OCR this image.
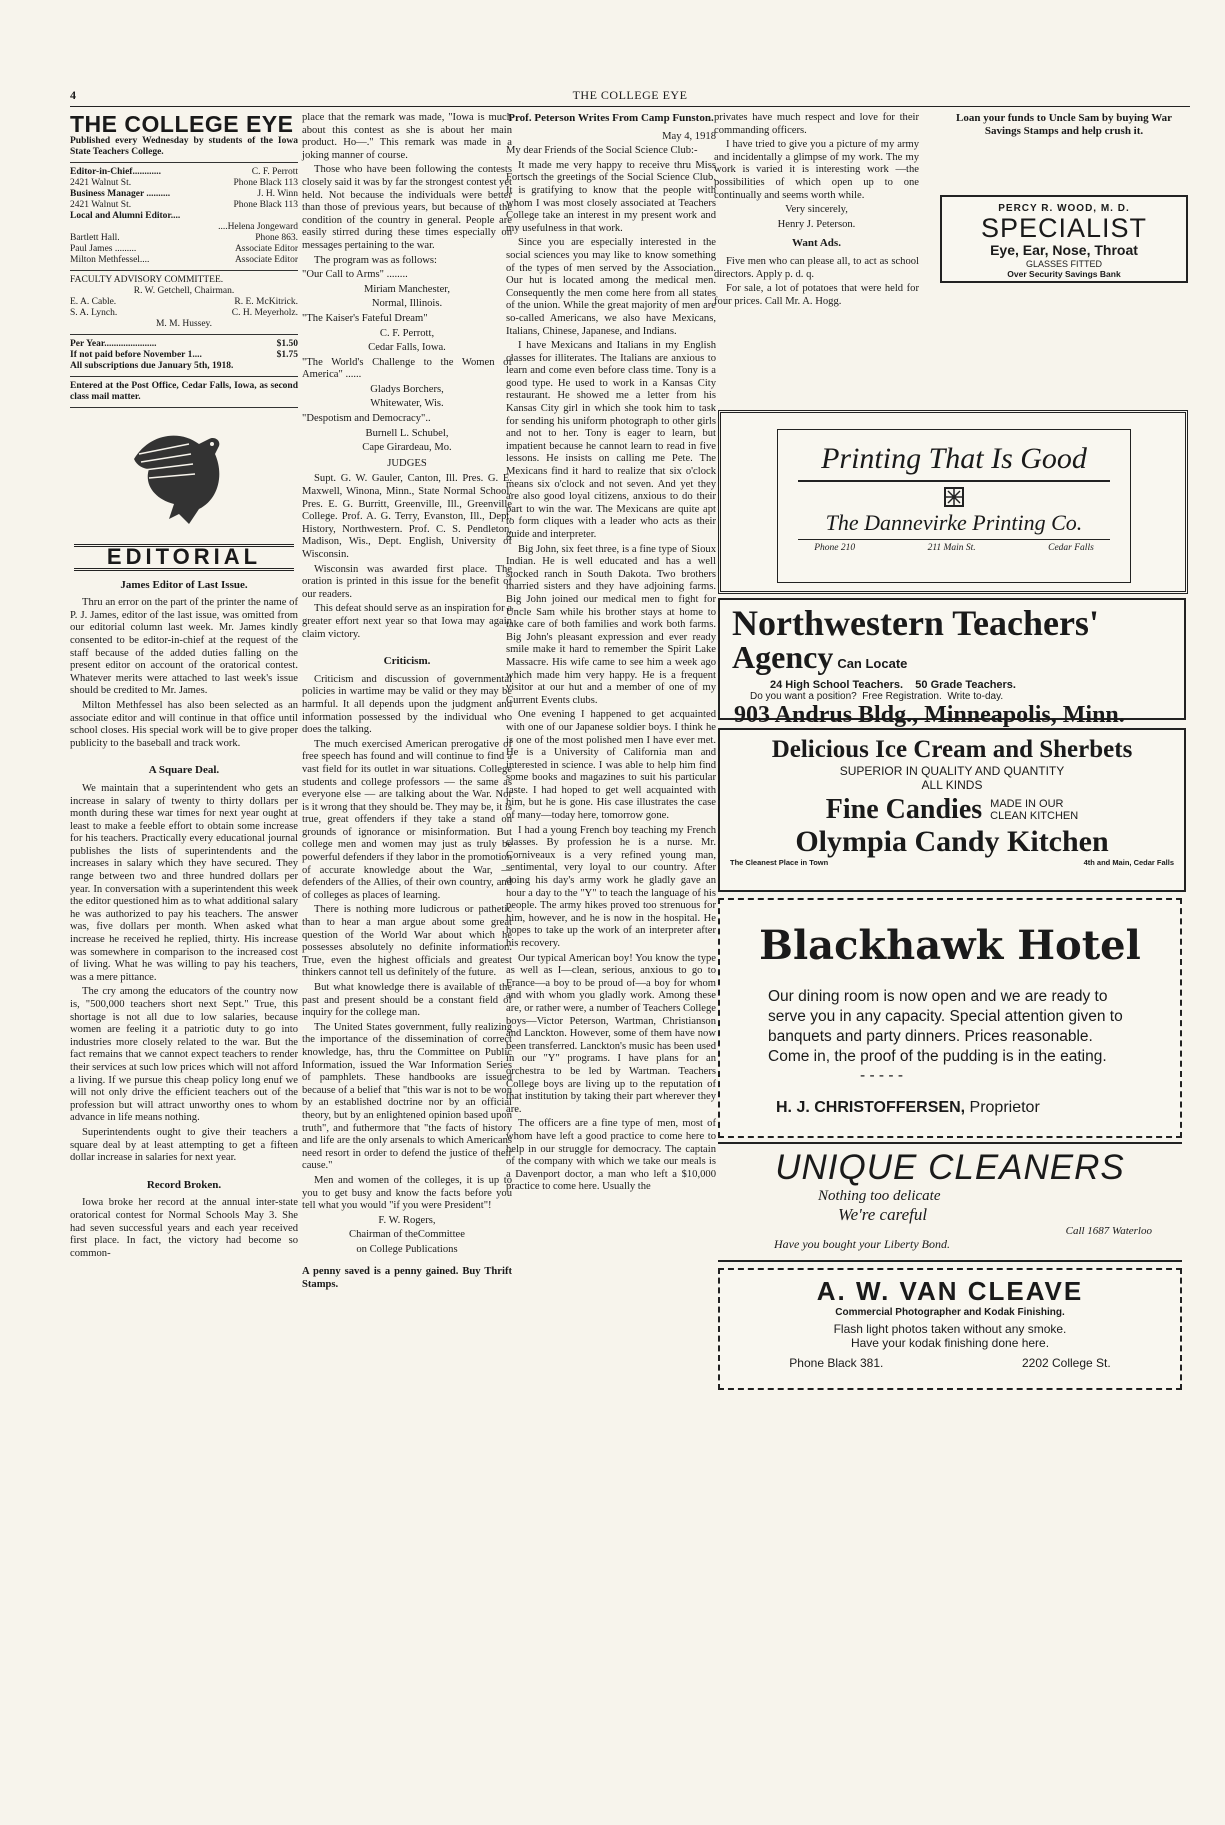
4	THE COLLEGE EYE
THE COLLEGE EYE
Published every Wednesday by students of the Iowa State Teachers College.
Editor-in-Chief............	C. F. Perrott
2421 Walnut St.	Phone Black 113
Business Manager ..........	J. H. Winn
2421 Walnut St.	Phone Black 113
Local and Alumni Editor....
....Helena Jongeward
Bartlett Hall.	Phone 863.
Paul James .........	Associate Editor
Milton Methfessel....	Associate Editor
FACULTY ADVISORY COMMITTEE.
R. W. Getchell, Chairman.
E. A. Cable.	R. E. McKitrick.
S. A. Lynch.	C. H. Meyerholz.
M. M. Hussey.
Per Year......................	$1.50
If not paid before November 1....	$1.75
All subscriptions due January 5th, 1918.
Entered at the Post Office, Cedar Falls, Iowa, as second class mail matter.
EDITORIAL
James Editor of Last Issue.

Thru an error on the part of the printer the name of P. J. James, editor of the last issue, was omitted from our editorial column last week. Mr. James kindly consented to be editor-in-chief at the request of the staff because of the added duties falling on the present editor on account of the oratorical contest. Whatever merits were attached to last week's issue should be credited to Mr. James.

Milton Methfessel has also been selected as an associate editor and will continue in that office until school closes. His special work will be to give proper publicity to the baseball and track work.

A Square Deal.

We maintain that a superintendent who gets an increase in salary of twenty to thirty dollars per month during these war times for next year ought at least to make a feeble effort to obtain some increase for his teachers. Practically every educational journal publishes the lists of superintendents and the increases in salary which they have secured. They range between two and three hundred dollars per year. In conversation with a superintendent this week the editor questioned him as to what additional salary he was authorized to pay his teachers. The answer was, five dollars per month. When asked what increase he received he replied, thirty. His increase was somewhere in comparison to the increased cost of living. What he was willing to pay his teachers, was a mere pittance.

The cry among the educators of the country now is, "500,000 teachers short next Sept." True, this shortage is not all due to low salaries, because women are feeling it a patriotic duty to go into industries more closely related to the war. But the fact remains that we cannot expect teachers to render their services at such low prices which will not afford a living. If we pursue this cheap policy long enuf we will not only drive the efficient teachers out of the profession but will attract unworthy ones to whom advance in life means nothing.

Superintendents ought to give their teachers a square deal by at least attempting to get a fifteen dollar increase in salaries for next year.

Record Broken.

Iowa broke her record at the annual inter-state oratorical contest for Normal Schools May 3. She had seven successful years and each year received first place. In fact, the victory had become so common-

place that the remark was made, "Iowa is much about this contest as she is about her main product. Ho—." This remark was made in a joking manner of course.

Those who have been following the contests closely said it was by far the strongest contest yet held. Not because the individuals were better than those of previous years, but because of the condition of the country in general. People are easily stirred during these times especially on messages pertaining to the war.

The program was as follows:

"Our Call to Arms" ........

Miriam Manchester,

Normal, Illinois.

"The Kaiser's Fateful Dream"

C. F. Perrott,

Cedar Falls, Iowa.

"The World's Challenge to the Women of America" ......

Gladys Borchers,

Whitewater, Wis.

"Despotism and Democracy"..

Burnell L. Schubel,

Cape Girardeau, Mo.

JUDGES

Supt. G. W. Gauler, Canton, Ill. Pres. G. E. Maxwell, Winona, Minn., State Normal School. Pres. E. G. Burritt, Greenville, Ill., Greenville College. Prof. A. G. Terry, Evanston, Ill., Dept. History, Northwestern. Prof. C. S. Pendleton, Madison, Wis., Dept. English, University of Wisconsin.

Wisconsin was awarded first place. The oration is printed in this issue for the benefit of our readers.

This defeat should serve as an inspiration for a greater effort next year so that Iowa may again claim victory.

Criticism.

Criticism and discussion of governmental policies in wartime may be valid or they may be harmful. It all depends upon the judgment and information possessed by the individual who does the talking.

The much exercised American prerogative of free speech has found and will continue to find a vast field for its outlet in war situations. College students and college professors — the same as everyone else — are talking about the War. Nor is it wrong that they should be. They may be, it is true, great offenders if they take a stand on grounds of ignorance or misinformation. But college men and women may just as truly be powerful defenders if they labor in the promotion of accurate knowledge about the War, — defenders of the Allies, of their own country, and of colleges as places of learning.

There is nothing more ludicrous or pathetic than to hear a man argue about some great question of the World War about which he possesses absolutely no definite information. True, even the highest officials and greatest thinkers cannot tell us definitely of the future.

But what knowledge there is available of the past and present should be a constant field of inquiry for the college man.

The United States government, fully realizing the importance of the dissemination of correct knowledge, has, thru the Committee on Public Information, issued the War Information Series of pamphlets. These handbooks are issued because of a belief that "this war is not to be won by an established doctrine nor by an official theory, but by an enlightened opinion based upon truth", and futhermore that "the facts of history and life are the only arsenals to which Americans need resort in order to defend the justice of their cause."

Men and women of the colleges, it is up to you to get busy and know the facts before you tell what you would "if you were President"!

F. W. Rogers,

Chairman of theCommittee

on College Publications

A penny saved is a penny gained. Buy Thrift Stamps.

Prof. Peterson Writes From Camp Funston.

May 4, 1918

My dear Friends of the Social Science Club:-

It made me very happy to receive thru Miss Fortsch the greetings of the Social Science Club. It is gratifying to know that the people with whom I was most closely associated at Teachers College take an interest in my present work and my usefulness in that work.

Since you are especially interested in the social sciences you may like to know something of the types of men served by the Association. Our hut is located among the medical men. Consequently the men come here from all states of the union. While the great majority of men are so-called Americans, we also have Mexicans, Italians, Chinese, Japanese, and Indians.

I have Mexicans and Italians in my English classes for illiterates. The Italians are anxious to learn and come even before class time. Tony is a good type. He used to work in a Kansas City restaurant. He showed me a letter from his Kansas City girl in which she took him to task for sending his uniform photograph to other girls and not to her. Tony is eager to learn, but impatient because he cannot learn to read in five lessons. He insists on calling me Pete. The Mexicans find it hard to realize that six o'clock means six o'clock and not seven. And yet they are also good loyal citizens, anxious to do their part to win the war. The Mexicans are quite apt to form cliques with a leader who acts as their guide and interpreter.

Big John, six feet three, is a fine type of Sioux Indian. He is well educated and has a well stocked ranch in South Dakota. Two brothers married sisters and they have adjoining farms. Big John joined our medical men to fight for Uncle Sam while his brother stays at home to take care of both families and work both farms. Big John's pleasant expression and ever ready smile make it hard to remember the Spirit Lake Massacre. His wife came to see him a week ago which made him very happy. He is a frequent visitor at our hut and a member of one of my Current Events clubs.

One evening I happened to get acquainted with one of our Japanese soldier boys. I think he is one of the most polished men I have ever met. He is a University of California man and interested in science. I was able to help him find some books and magazines to suit his particular taste. I had hoped to get well acquainted with him, but he is gone. His case illustrates the case of many—today here, tomorrow gone.

I had a young French boy teaching my French classes. By profession he is a nurse. Mr. Corniveaux is a very refined young man, sentimental, very loyal to our country. After doing his day's army work he gladly gave an hour a day to the "Y" to teach the language of his people. The army hikes proved too strenuous for him, however, and he is now in the hospital. He hopes to take up the work of an interpreter after his recovery.

Our typical American boy! You know the type as well as I—clean, serious, anxious to go to France—a boy to be proud of—a boy for whom and with whom you gladly work. Among these are, or rather were, a number of Teachers College boys—Victor Peterson, Wartman, Christianson and Lanckton. However, some of them have now been transferred. Lanckton's music has been used in our "Y" programs. I have plans for an orchestra to be led by Wartman. Teachers College boys are living up to the reputation of that institution by taking their part wherever they are.

The officers are a fine type of men, most of whom have left a good practice to come here to help in our struggle for democracy. The captain of the company with which we take our meals is a Davenport doctor, a man who left a $10,000 practice to come here. Usually the

privates have much respect and love for their commanding officers.

I have tried to give you a picture of my army and incidentally a glimpse of my work. The my work is varied it is interesting work —the possibilities of which open up to one continually and seems worth while.

Very sincerely,

Henry J. Peterson.

Want Ads.

Five men who can please all, to act as school directors. Apply p. d. q.

For sale, a lot of potatoes that were held for four prices. Call Mr. A. Hogg.

Loan your funds to Uncle Sam by buying War Savings Stamps and help crush it.
PERCY R. WOOD, M. D.
SPECIALIST
Eye, Ear, Nose, Throat
GLASSES FITTED
Over Security Savings Bank
Printing That Is Good
The Dannevirke Printing Co.
Phone 210	211 Main St.	Cedar Falls
Northwestern Teachers'
Agency Can Locate
24 High School Teachers. 50 Grade Teachers.
Do you want a position? Free Registration. Write to-day.
903 Andrus Bldg., Minneapolis, Minn.
Delicious Ice Cream and Sherbets
SUPERIOR IN QUALITY AND QUANTITY
ALL KINDS
Fine Candies MADE IN OUR
CLEAN KITCHEN
Olympia Candy Kitchen
The Cleanest Place in Town	4th and Main, Cedar Falls
Blackhawk Hotel
Our dining room is now open and we are ready to serve you in any capacity. Special attention given to banquets and party dinners. Prices reasonable. Come in, the proof of the pudding is in the eating.
- - - - -
H. J. CHRISTOFFERSEN, Proprietor
UNIQUE CLEANERS
Nothing too delicate
We're careful
Call 1687 Waterloo
Have you bought your Liberty Bond.
A. W. VAN CLEAVE
Commercial Photographer and Kodak Finishing.
Flash light photos taken without any smoke.
Have your kodak finishing done here.
Phone Black 381.	2202 College St.
